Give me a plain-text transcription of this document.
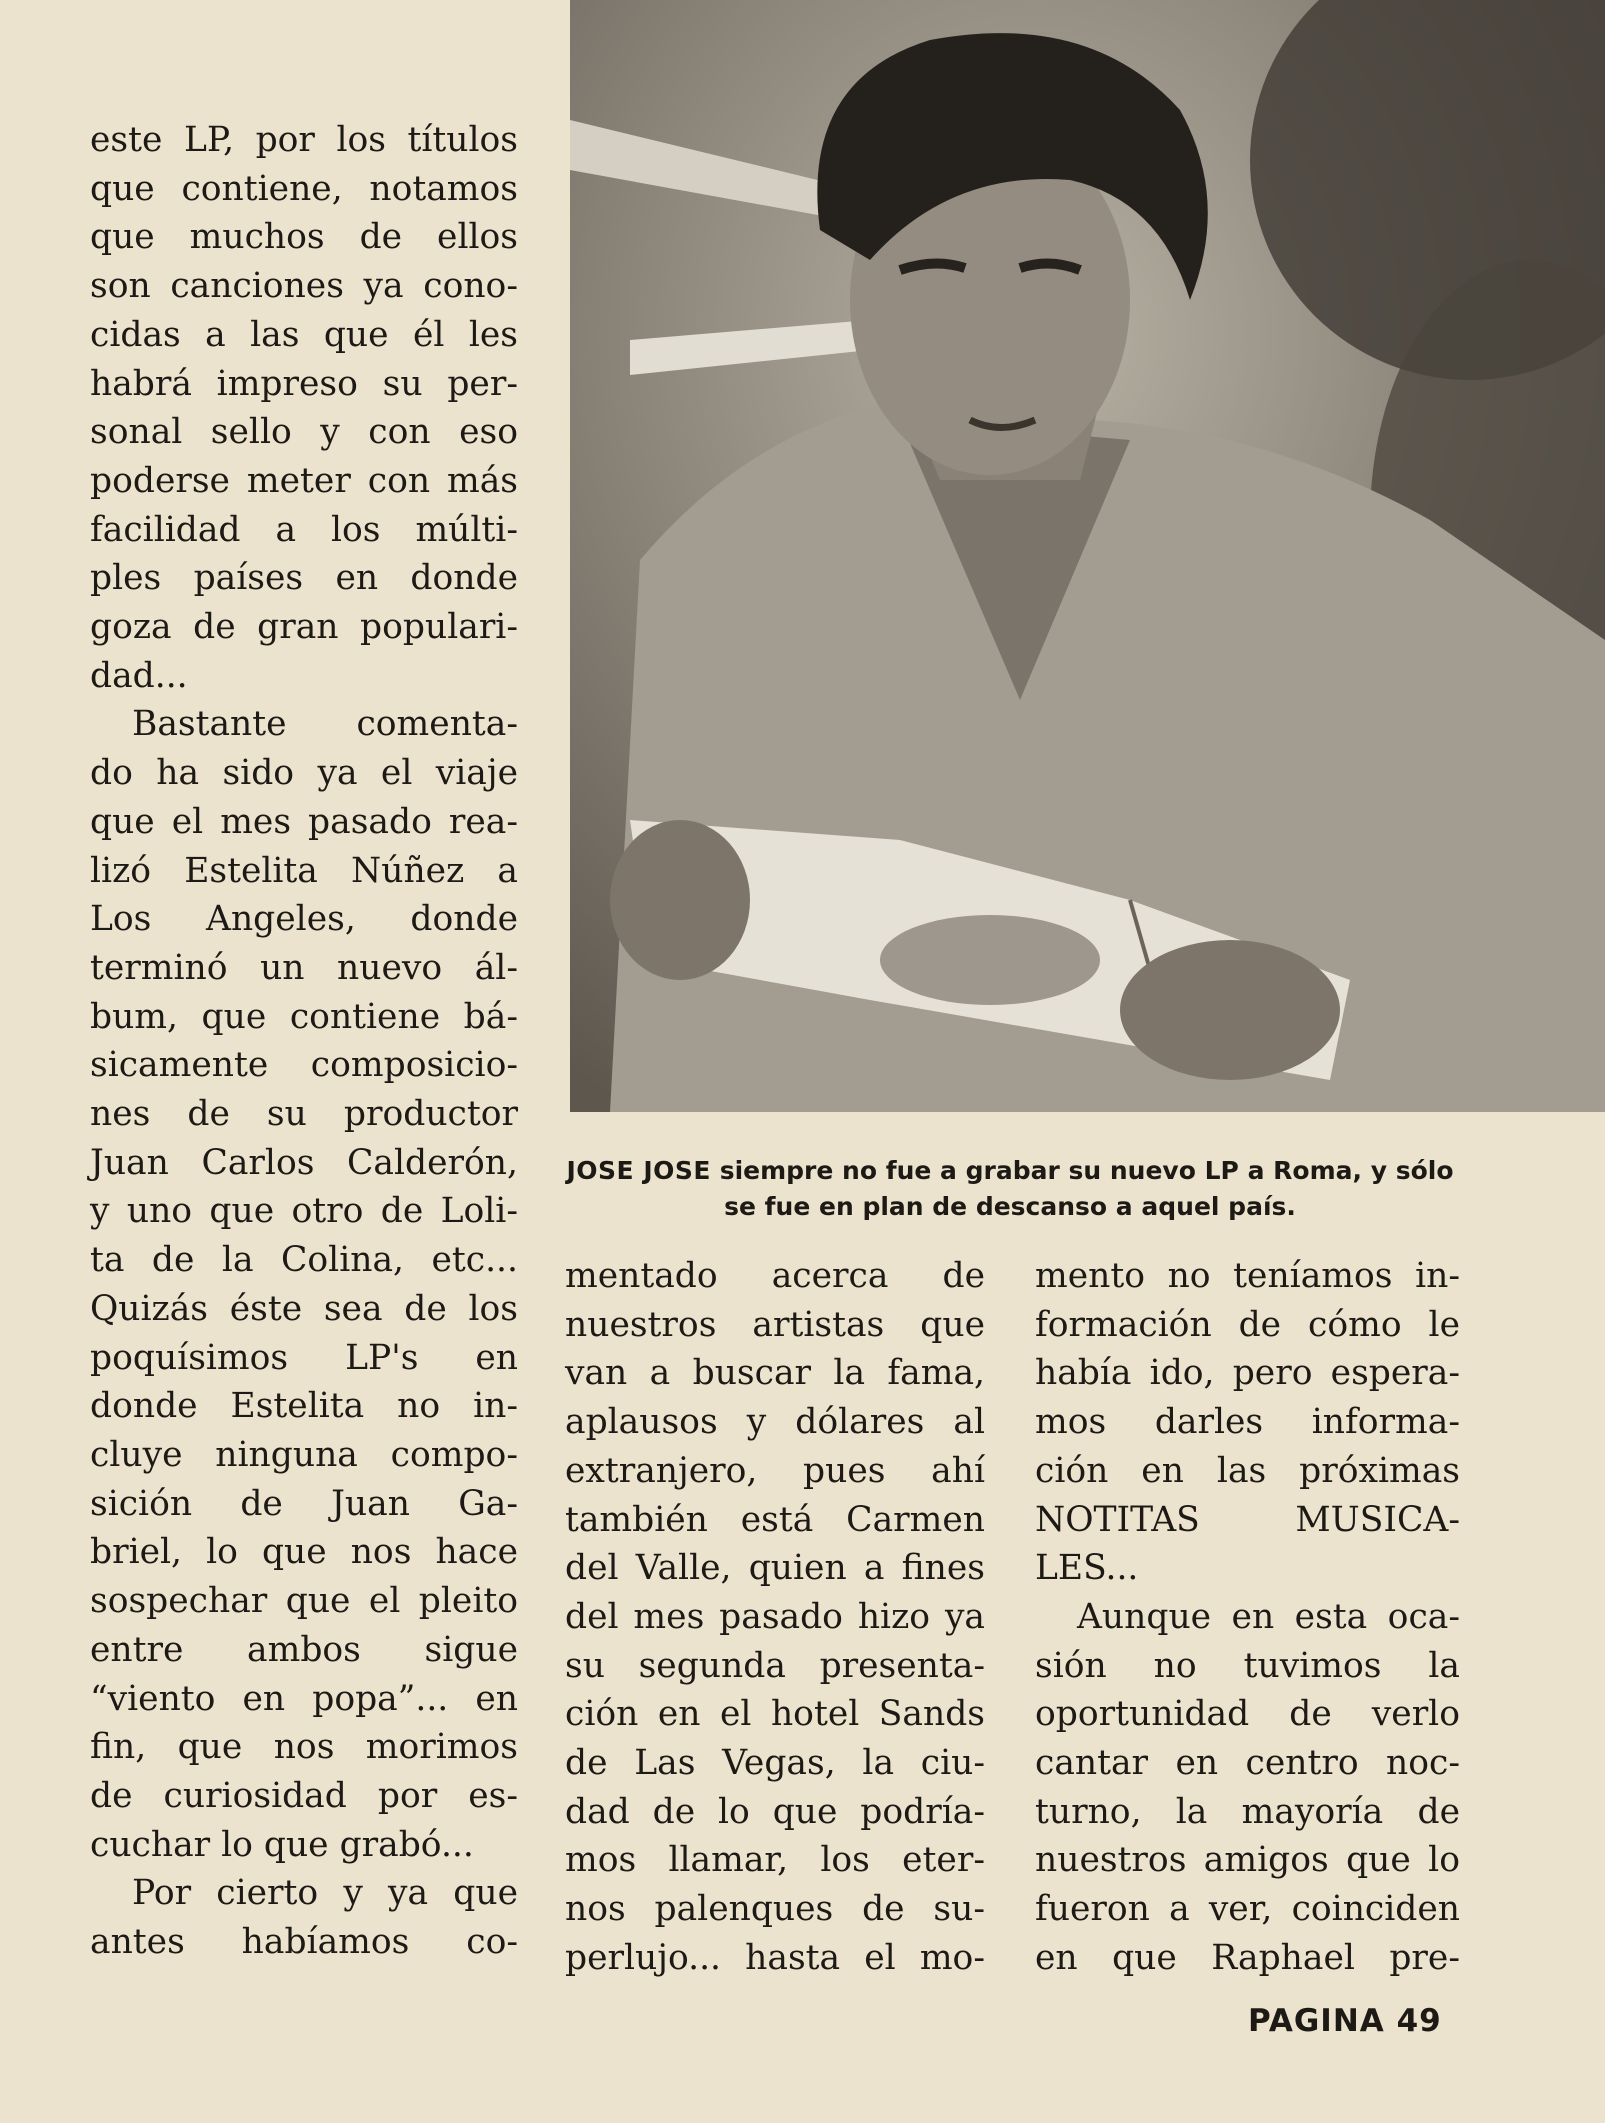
JOSE JOSE siempre no fue a grabar su nuevo LP a Roma, y sólo
se fue en plan de descanso a aquel país.
este LP, por los títulos
que contiene, notamos
que muchos de ellos
son canciones ya cono-
cidas a las que él les
habrá impreso su per-
sonal sello y con eso
poderse meter con más
facilidad a los múlti-
ples países en donde
goza de gran populari-
dad...
Bastante comenta-
do ha sido ya el viaje
que el mes pasado rea-
lizó Estelita Núñez a
Los Angeles, donde
terminó un nuevo ál-
bum, que contiene bá-
sicamente composicio-
nes de su productor
Juan Carlos Calderón,
y uno que otro de Loli-
ta de la Colina, etc...
Quizás éste sea de los
poquísimos LP's en
donde Estelita no in-
cluye ninguna compo-
sición de Juan Ga-
briel, lo que nos hace
sospechar que el pleito
entre ambos sigue
“viento en popa”... en
fin, que nos morimos
de curiosidad por es-
cuchar lo que grabó...
Por cierto y ya que
antes habíamos co-
mentado acerca de
nuestros artistas que
van a buscar la fama,
aplausos y dólares al
extranjero, pues ahí
también está Carmen
del Valle, quien a fines
del mes pasado hizo ya
su segunda presenta-
ción en el hotel Sands
de Las Vegas, la ciu-
dad de lo que podría-
mos llamar, los eter-
nos palenques de su-
perlujo... hasta el mo-
mento no teníamos in-
formación de cómo le
había ido, pero espera-
mos darles informa-
ción en las próximas
NOTITAS MUSICA-
LES...
Aunque en esta oca-
sión no tuvimos la
oportunidad de verlo
cantar en centro noc-
turno, la mayoría de
nuestros amigos que lo
fueron a ver, coinciden
en que Raphael pre-
PAGINA 49
